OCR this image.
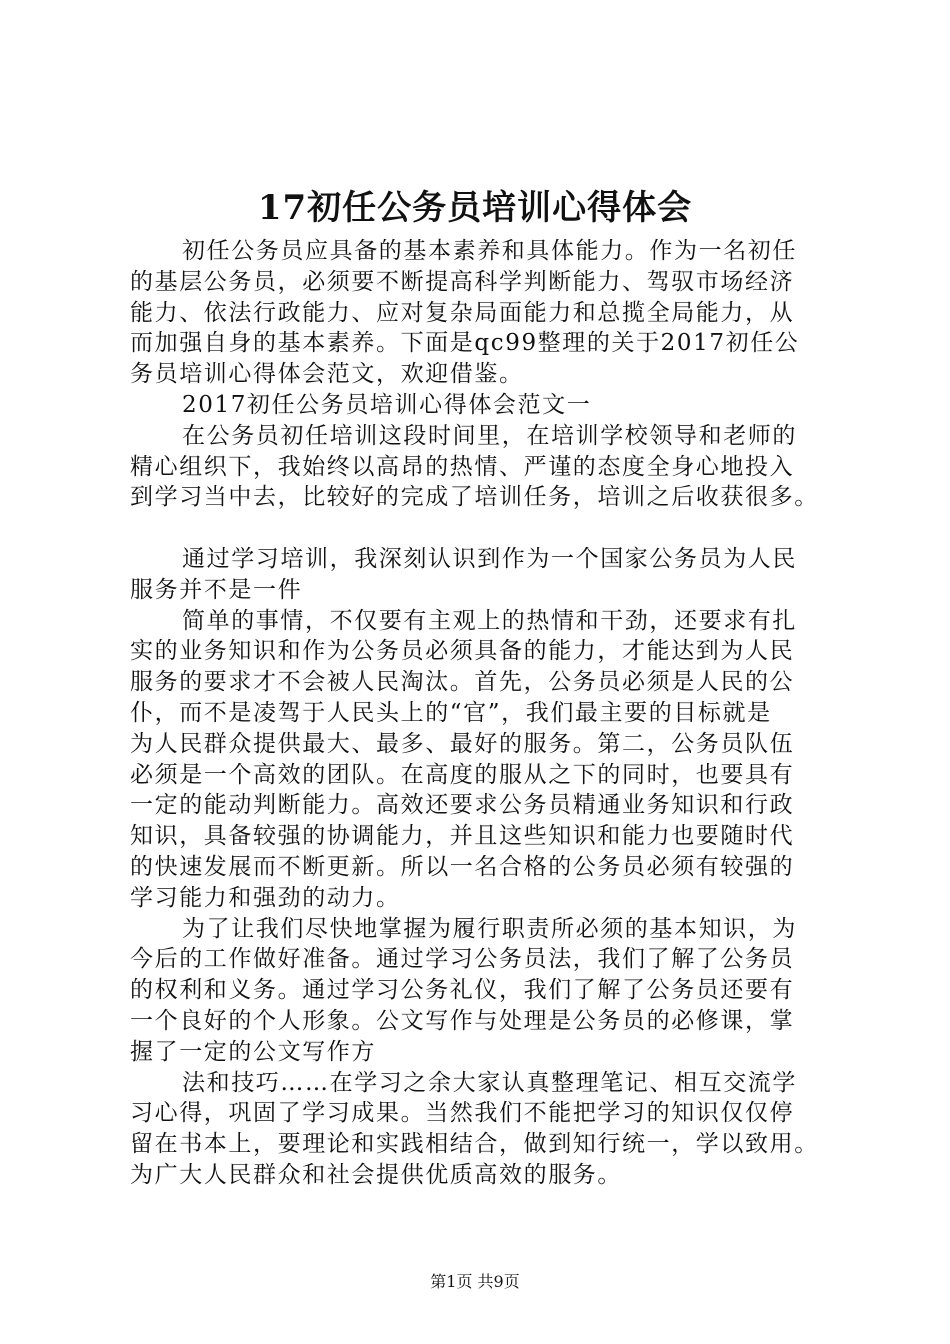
17初任公务员培训心得体会
初任公务员应具备的基本素养和具体能力。作为一名初任
的基层公务员，必须要不断提高科学判断能力、驾驭市场经济
能力、依法行政能力、应对复杂局面能力和总揽全局能力，从
而加强自身的基本素养。下面是qc99整理的关于2017初任公
务员培训心得体会范文，欢迎借鉴。
2017初任公务员培训心得体会范文一
在公务员初任培训这段时间里，在培训学校领导和老师的
精心组织下，我始终以高昂的热情、严谨的态度全身心地投入
到学习当中去，比较好的完成了培训任务，培训之后收获很多。
通过学习培训，我深刻认识到作为一个国家公务员为人民
服务并不是一件
简单的事情，不仅要有主观上的热情和干劲，还要求有扎
实的业务知识和作为公务员必须具备的能力，才能达到为人民
服务的要求才不会被人民淘汰。首先，公务员必须是人民的公
仆，而不是凌驾于人民头上的“官”，我们最主要的目标就是
为人民群众提供最大、最多、最好的服务。第二，公务员队伍
必须是一个高效的团队。在高度的服从之下的同时，也要具有
一定的能动判断能力。高效还要求公务员精通业务知识和行政
知识，具备较强的协调能力，并且这些知识和能力也要随时代
的快速发展而不断更新。所以一名合格的公务员必须有较强的
学习能力和强劲的动力。
为了让我们尽快地掌握为履行职责所必须的基本知识，为
今后的工作做好准备。通过学习公务员法，我们了解了公务员
的权利和义务。通过学习公务礼仪，我们了解了公务员还要有
一个良好的个人形象。公文写作与处理是公务员的必修课，掌
握了一定的公文写作方
法和技巧……在学习之余大家认真整理笔记、相互交流学
习心得，巩固了学习成果。当然我们不能把学习的知识仅仅停
留在书本上，要理论和实践相结合，做到知行统一，学以致用。
为广大人民群众和社会提供优质高效的服务。
第1页 共9页
